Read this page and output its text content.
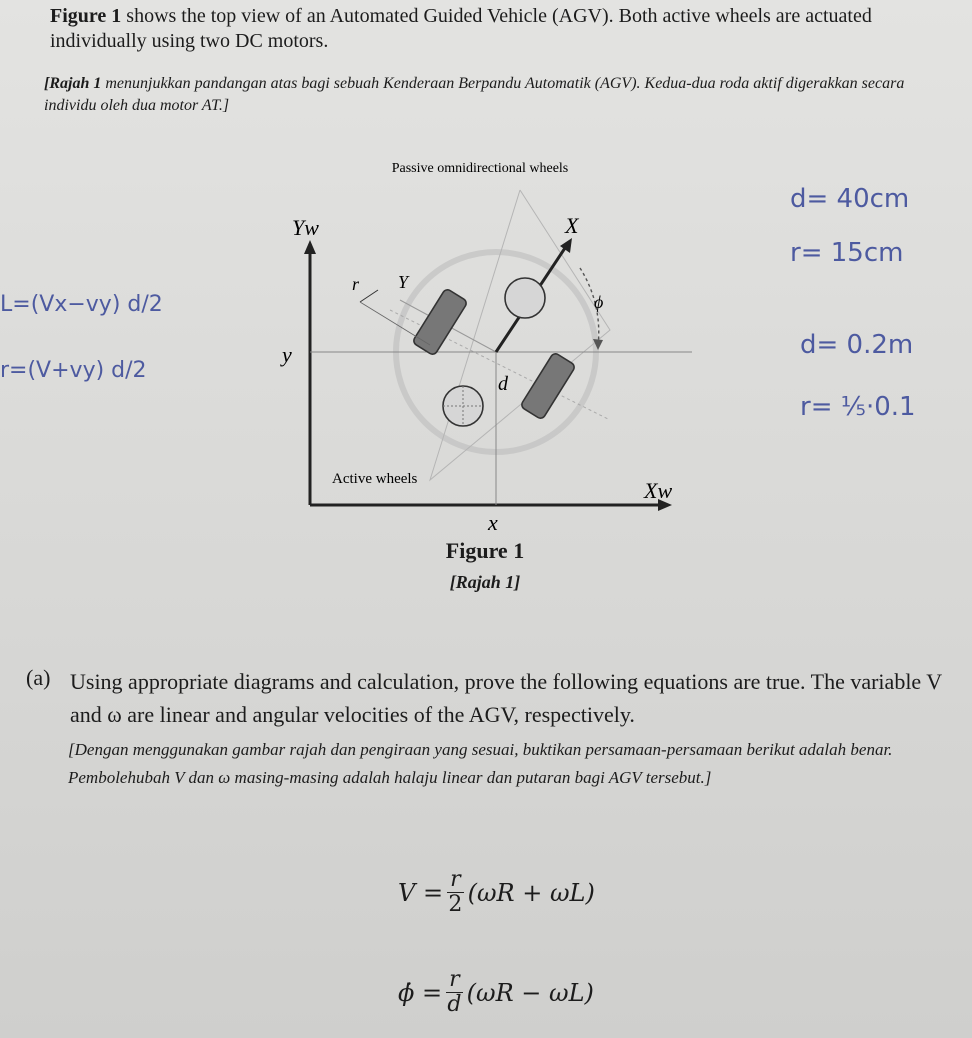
Figure 1 shows the top view of an Automated Guided Vehicle (AGV). Both active wheels are actuated individually using two DC motors.
[Rajah 1 menunjukkan pandangan atas bagi sebuah Kenderaan Berpandu Automatik (AGV). Kedua-dua roda aktif digerakkan secara individu oleh dua motor AT.]
Passive omnidirectional wheels
Yw
Xw
X
Y
r
ϕ
d
y
x
Active wheels
Figure 1
[Rajah 1]
(a) Using appropriate diagrams and calculation, prove the following equations are true. The variable V and ω are linear and angular velocities of the AGV, respectively.
[Dengan menggunakan gambar rajah dan pengiraan yang sesuai, buktikan persamaan-persamaan berikut adalah benar. Pembolehubah V dan ω masing-masing adalah halaju linear dan putaran bagi AGV tersebut.]
$V = \frac{r}{2} (\omega R + \omega L)$
ϕ̇ = $\frac{r}{d} (\omega R - \omega L)$
d= 40cm
r= 15cm
d= 0.2m
r= ⅕·0.1
L=(Vx−vy) d/2
r=(V+vy) d/2
